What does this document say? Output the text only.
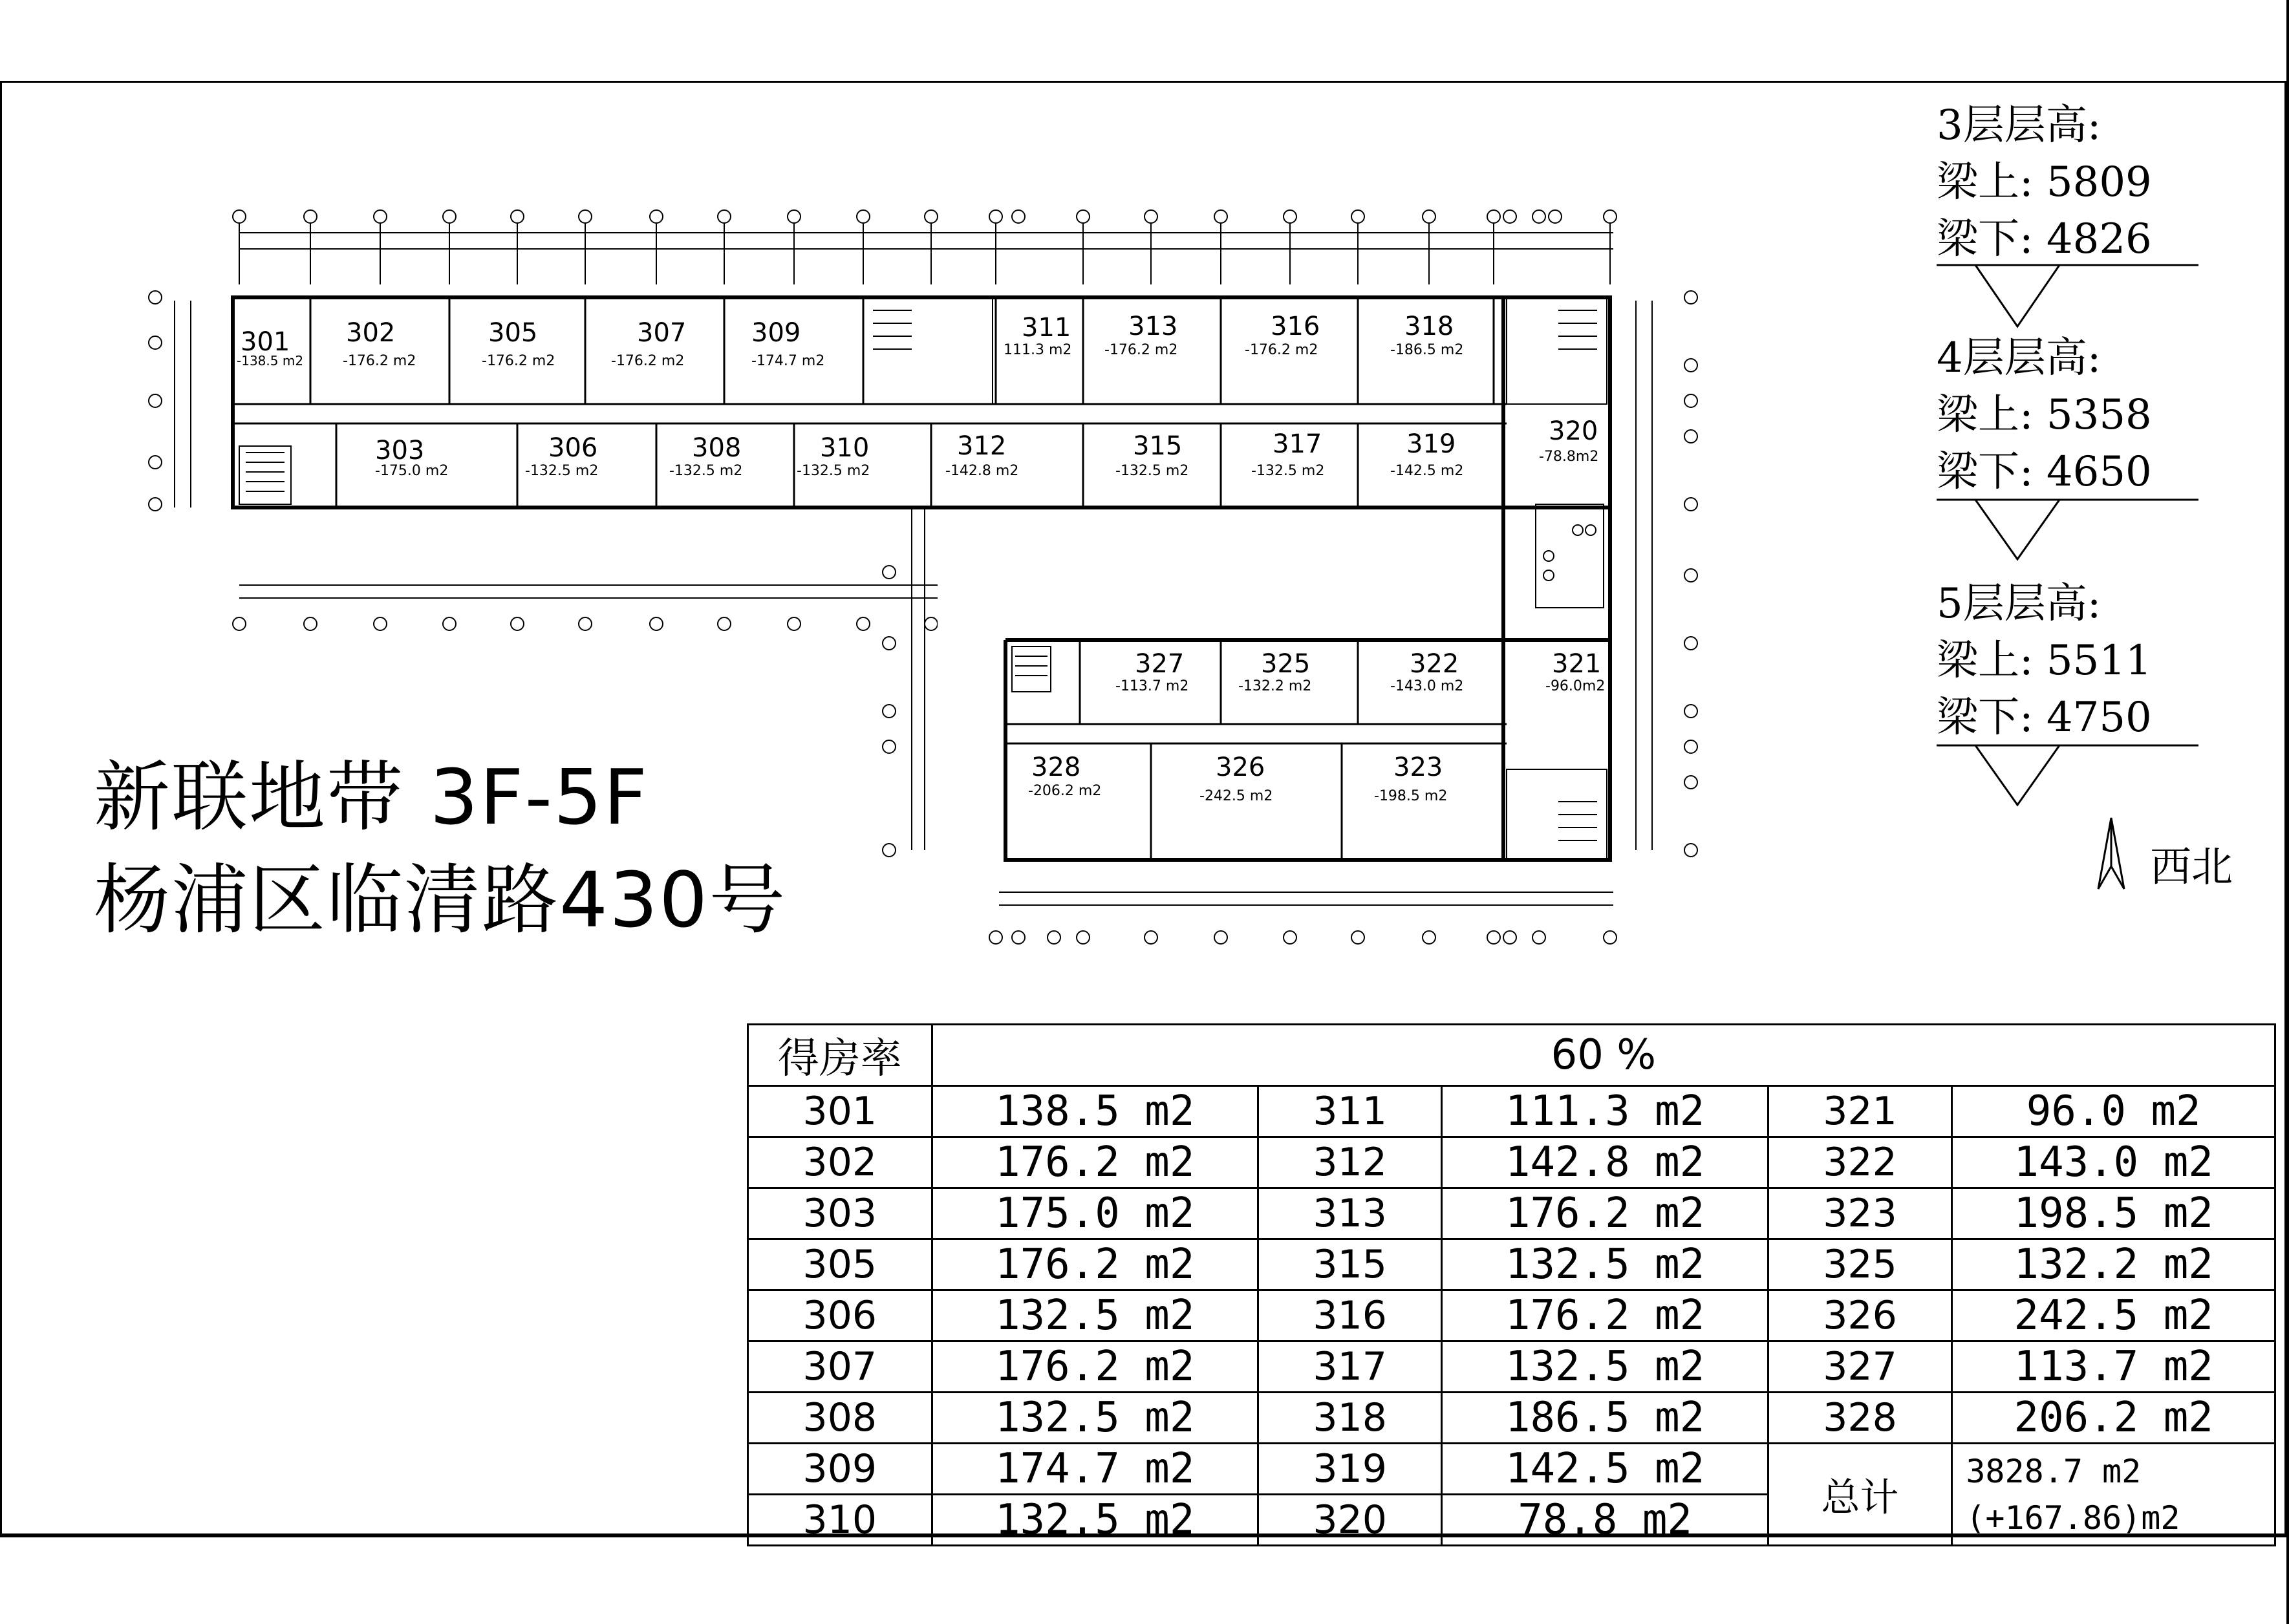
301
-138.5 m2
302
-176.2 m2
305
-176.2 m2
307
-176.2 m2
309
-174.7 m2
311
111.3 m2
313
-176.2 m2
316
-176.2 m2
318
-186.5 m2
303
-175.0 m2
306
-132.5 m2
308
-132.5 m2
310
-132.5 m2
312
-142.8 m2
315
-132.5 m2
317
-132.5 m2
319
-142.5 m2
320
-78.8m2
321
-96.0m2
322
-143.0 m2
325
-132.2 m2
327
-113.7 m2
328
-206.2 m2
326
-242.5 m2
323
-198.5 m2
新联地带 3F-5F
杨浦区临清路430号
3层层高:
梁上: 5809
梁下: 4826
4层层高:
梁上: 5358
梁下: 4650
5层层高:
梁上: 5511
梁下: 4750
西北
得房率	60 %				
301	138.5 m2	311	111.3 m2	321	96.0 m2
302	176.2 m2	312	142.8 m2	322	143.0 m2
303	175.0 m2	313	176.2 m2	323	198.5 m2
305	176.2 m2	315	132.5 m2	325	132.2 m2
306	132.5 m2	316	176.2 m2	326	242.5 m2
307	176.2 m2	317	132.5 m2	327	113.7 m2
308	132.5 m2	318	186.5 m2	328	206.2 m2
309	174.7 m2	319	142.5 m2	总计	3828.7 m2
(+167.86)m2

310	132.5 m2	320	78.8 m2		
